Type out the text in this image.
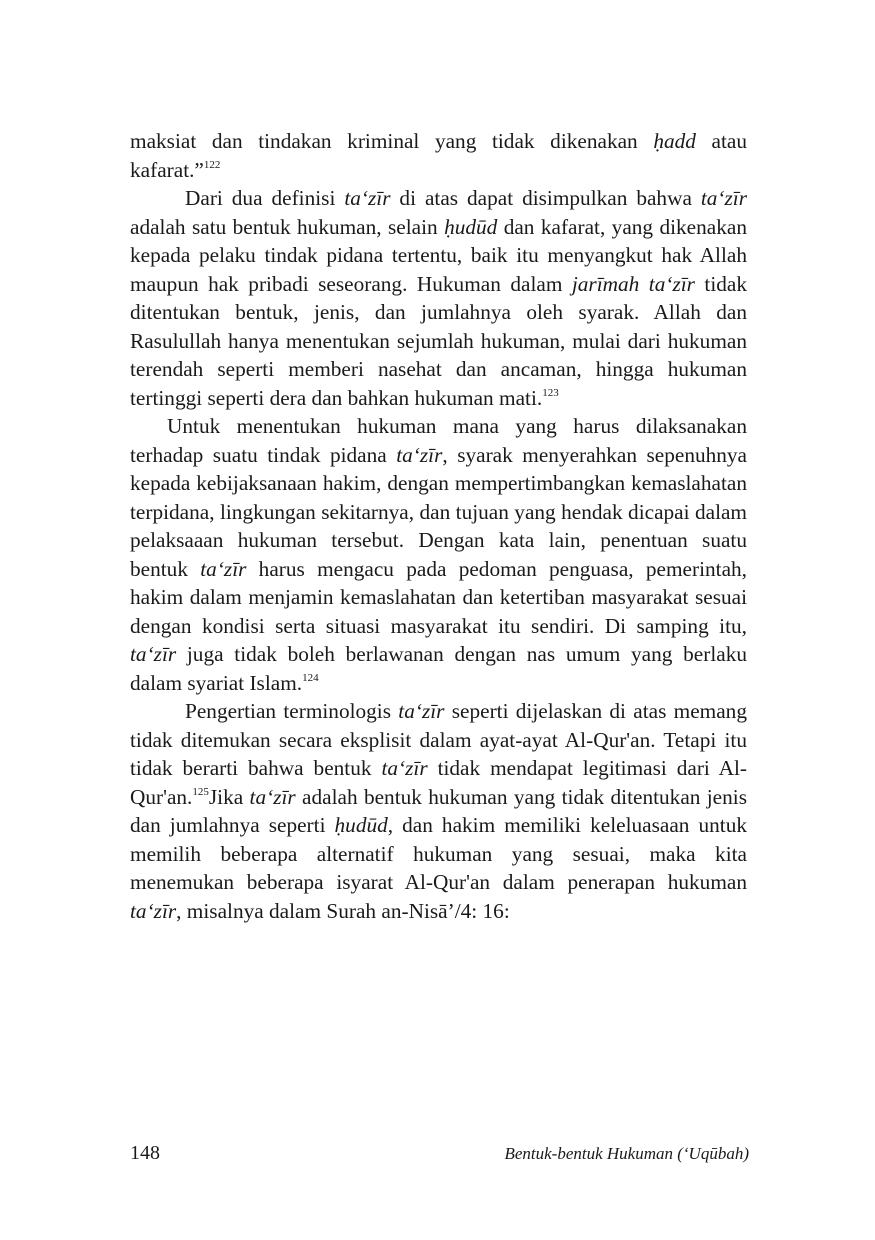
maksiat dan tindakan kriminal yang tidak dikenakan ḥadd atau kafarat.”$^{122}$

Dari dua definisi ta‘zīr di atas dapat disimpulkan bahwa ta‘zīr adalah satu bentuk hukuman, selain ḥudūd dan kafarat, yang dikenakan kepada pelaku tindak pidana tertentu, baik itu menyangkut hak Allah maupun hak pribadi seseorang. Hukuman dalam jarīmah ta‘zīr tidak ditentukan bentuk, jenis, dan jumlahnya oleh syarak. Allah dan Rasulullah hanya menentukan sejumlah hukuman, mulai dari hukuman terendah seperti memberi nasehat dan ancaman, hingga hukuman tertinggi seperti dera dan bahkan hukuman mati.$^{123}$

Untuk menentukan hukuman mana yang harus dilaksanakan terhadap suatu tindak pidana ta‘zīr, syarak menyerahkan sepenuhnya kepada kebijaksanaan hakim, dengan mempertimbangkan kemaslahatan terpidana, lingkungan sekitarnya, dan tujuan yang hendak dicapai dalam pelaksaaan hukuman tersebut. Dengan kata lain, penentuan suatu bentuk ta‘zīr harus mengacu pada pedoman penguasa, pemerintah, hakim dalam menjamin kemaslahatan dan ketertiban masyarakat sesuai dengan kondisi serta situasi masyarakat itu sendiri. Di samping itu, ta‘zīr juga tidak boleh berlawanan dengan nas umum yang berlaku dalam syariat Islam.$^{124}$

Pengertian terminologis ta‘zīr seperti dijelaskan di atas memang tidak ditemukan secara eksplisit dalam ayat-ayat Al-Qur'an. Tetapi itu tidak berarti bahwa bentuk ta‘zīr tidak mendapat legitimasi dari Al-Qur'an.$^{125}$Jika ta‘zīr adalah bentuk hukuman yang tidak ditentukan jenis dan jumlahnya seperti ḥudūd, dan hakim memiliki keleluasaan untuk memilih beberapa alternatif hukuman yang sesuai, maka kita menemukan beberapa isyarat Al-Qur'an dalam penerapan hukuman ta‘zīr, misalnya dalam Surah an-Nisā’/4: 16:

148	Bentuk-bentuk Hukuman (‘Uqūbah)
